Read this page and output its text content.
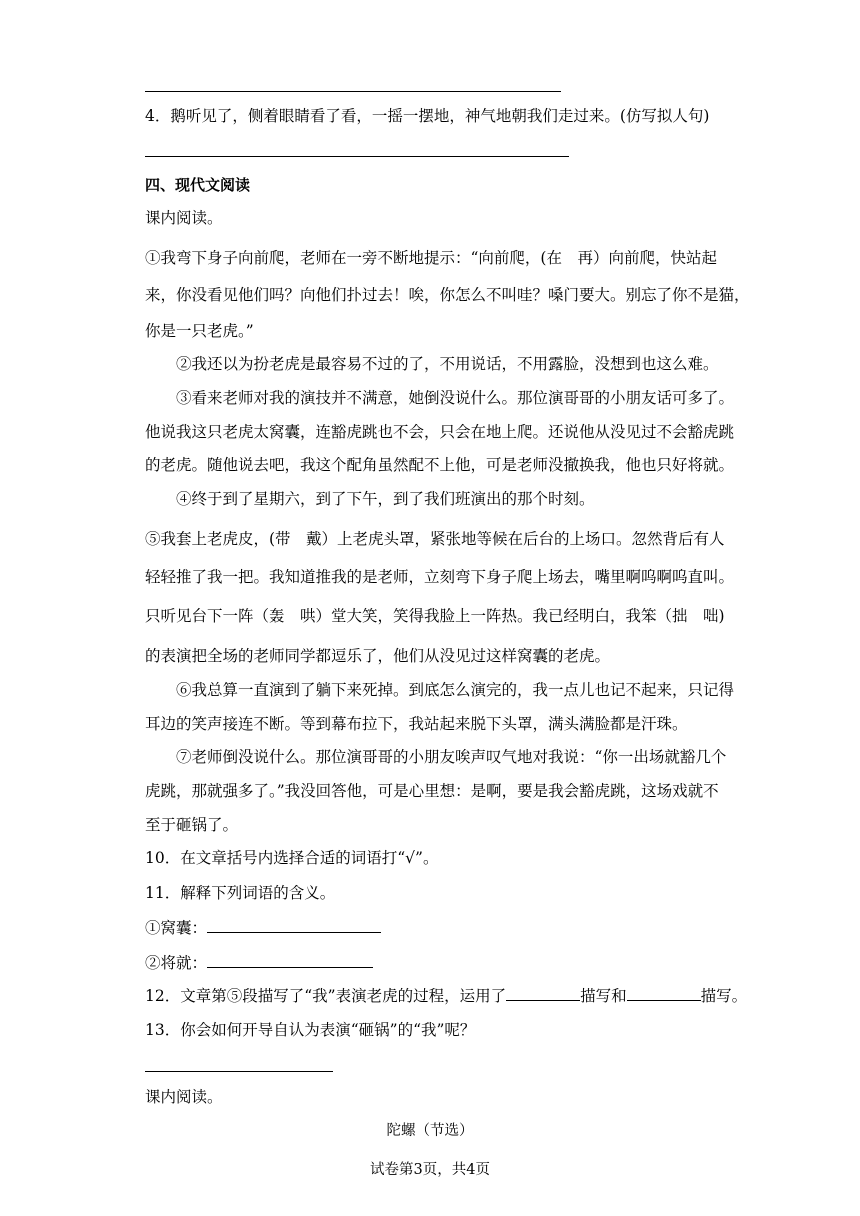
4．鹅听见了，侧着眼睛看了看，一摇一摆地，神气地朝我们走过来。(仿写拟人句)
四、现代文阅读
课内阅读。
①我弯下身子向前爬，老师在一旁不断地提示：“向前爬，(在　再）向前爬，快站起
来，你没看见他们吗？向他们扑过去！唉，你怎么不叫哇？嗓门要大。别忘了你不是猫，
你是一只老虎。”
②我还以为扮老虎是最容易不过的了，不用说话，不用露脸，没想到也这么难。
③看来老师对我的演技并不满意，她倒没说什么。那位演哥哥的小朋友话可多了。
他说我这只老虎太窝囊，连豁虎跳也不会，只会在地上爬。还说他从没见过不会豁虎跳
的老虎。随他说去吧，我这个配角虽然配不上他，可是老师没撤换我，他也只好将就。
④终于到了星期六，到了下午，到了我们班演出的那个时刻。
⑤我套上老虎皮，(带　戴）上老虎头罩，紧张地等候在后台的上场口。忽然背后有人
轻轻推了我一把。我知道推我的是老师，立刻弯下身子爬上场去，嘴里啊呜啊呜直叫。
只听见台下一阵（轰　哄）堂大笑，笑得我脸上一阵热。我已经明白，我笨（拙　咄)
的表演把全场的老师同学都逗乐了，他们从没见过这样窝囊的老虎。
⑥我总算一直演到了躺下来死掉。到底怎么演完的，我一点儿也记不起来，只记得
耳边的笑声接连不断。等到幕布拉下，我站起来脱下头罩，满头满脸都是汗珠。
⑦老师倒没说什么。那位演哥哥的小朋友唉声叹气地对我说：“你一出场就豁几个
虎跳，那就强多了。”我没回答他，可是心里想：是啊，要是我会豁虎跳，这场戏就不
至于砸锅了。
10．在文章括号内选择合适的词语打“√”。
11．解释下列词语的含义。
①窝囊：
②将就：
12．文章第⑤段描写了“我”表演老虎的过程，运用了	描写和	描写。
13．你会如何开导自认为表演“砸锅”的“我”呢？
课内阅读。
陀螺（节选）
试卷第3页，共4页
